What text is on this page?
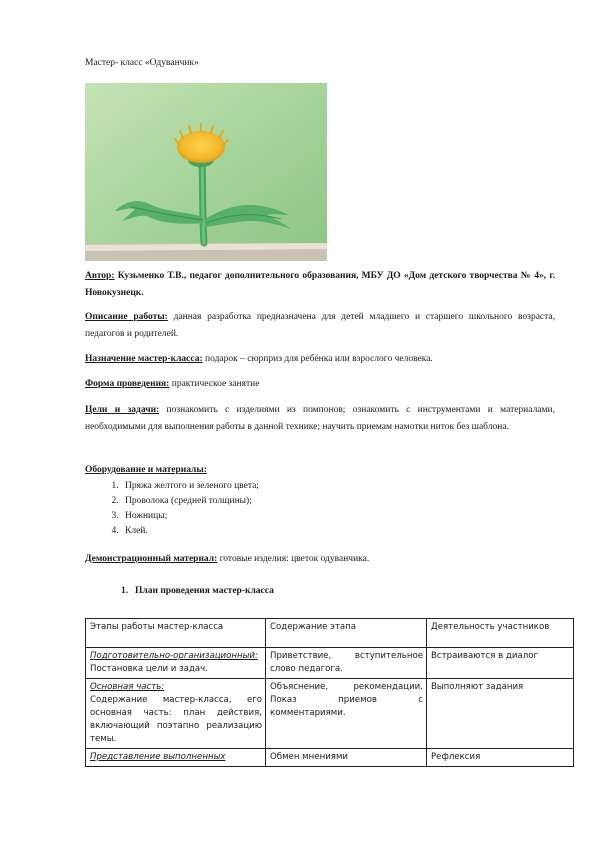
Мастер- класс «Одуванчик»
Автор: Кузьменко Т.В., педагог дополнительного образования, МБУ ДО «Дом детского творчества № 4», г. Новокузнецк.
Описание работы: данная разработка предназначена для детей младшего и старшего школьного возраста, педагогов и родителей.
Назначение мастер-класса: подарок – сюрприз для ребёнка или взрослого человека.
Форма проведения: практическое занятие
Цели и задачи: познакомить с изделиями из помпонов; ознакомить с инструментами и материалами, необходимыми для выполнения работы в данной технике; научить приемам намотки ниток без шаблона.
Оборудование и материалы:
1. Пряжа желтого и зеленого цвета;
2. Проволока (средней толщины);
3. Ножницы;
4. Клей.
Демонстрационный материал: готовые изделия: цветок одуванчика.
1. План проведения мастер-класса
Этапы работы мастер-класса	Содержание этапа	Деятельность участников

Подготовительно-организационный:
Постановка цели и задач.	Приветствие, вступительное слово педагога.	Встраиваются в диалог

Основная часть:
Содержание мастер-класса, его основная часть: план действия, включающий поэтапно реализацию темы.	Объяснение, рекомендации. Показ приемов с комментариями.	Выполняют задания

Представление выполненных	Обмен мнениями	Рефлексия
